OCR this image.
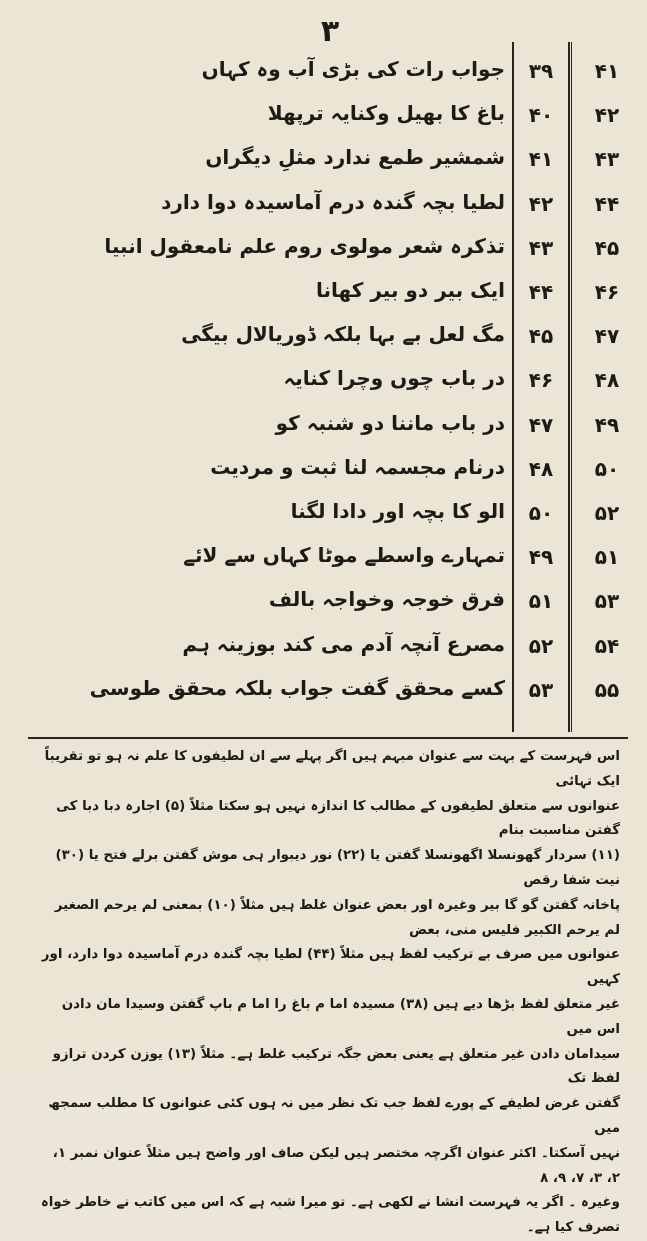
۳
۴۱
۳۹
جواب رات کی بڑی آب وہ کہاں
۴۲
۴۰
باغ کا بھیل وکنایہ ترپھلا
۴۳
۴۱
شمشیر طمع ندارد مثلِ دیگراں
۴۴
۴۲
لطیا بچہ گندہ درم آماسیدہ دوا دارد
۴۵
۴۳
تذکرہ شعر مولوی روم علم نامعقول انبیا
۴۶
۴۴
ایک بیر دو بیر کھانا
۴۷
۴۵
مگ لعل بے بہا بلکہ ڈوریالال بیگی
۴۸
۴۶
در باب چوں وچرا کنایہ
۴۹
۴۷
در باب ماننا دو شنبہ کو
۵۰
۴۸
درنام مجسمہ لنا ثبت و مردیت
۵۲
۵۰
الو کا بچہ اور دادا لگنا
۵۱
۴۹
تمہارے واسطے موٹا کہاں سے لائے
۵۳
۵۱
فرق خوجہ وخواجہ بالف
۵۴
۵۲
مصرع آنچہ آدم می کند بوزینہ ہم
۵۵
۵۳
کسے محقق گفت جواب بلکہ محقق طوسی
اس فہرست کے بہت سے عنوان مبہم ہیں اگر پہلے سے ان لطیفوں کا علم نہ ہو تو تقریباً ایک تہائی
عنوانوں سے متعلق لطیفوں کے مطالب کا اندازہ نہیں ہو سکتا مثلاً (۵) اجارہ دبا دبا کی گفتن مناسبت بنام
(۱۱) سردار گھونسلا اگھونسلا گفتن یا (۲۲) نور دیبوار ہی موش گفتن برلے فتح یا (۳۰) نیت شفا رقص
پاخانہ گفتن گو گا بیر وغیرہ اور بعض عنوان غلط ہیں مثلاً (۱۰) بمعنی لم یرحم الصغیر لم یرحم الکبیر فلیس منی، بعض
عنوانوں میں صرف بے ترکیب لفظ ہیں مثلاً (۴۴) لطیا بچہ گندہ درم آماسیدہ دوا دارد، اور کہیں
غیر متعلق لفظ بڑھا دیے ہیں (۳۸) مسیدہ اما م باغ را اما م باپ گفتن وسیدا مان دادن اس میں
سیدامان دادن غیر متعلق ہے یعنی بعض جگہ ترکیب غلط ہے۔ مثلاً (۱۳) یوزن کردن ترازو لفظ تک
گفتن غرض لطیفے کے پورے لفظ جب تک نظر میں نہ ہوں کئی عنوانوں کا مطلب سمجھ میں
نہیں آسکتا۔ اکثر عنوان اگرچہ مختصر ہیں لیکن صاف اور واضح ہیں مثلاً عنوان نمبر ۱، ۲، ۳، ۷، ۹، ۸
وغیرہ ۔ اگر یہ فہرست انشا نے لکھی ہے۔ تو میرا شبہ ہے کہ اس میں کاتب نے خاطر خواہ
تصرف کیا ہے۔
